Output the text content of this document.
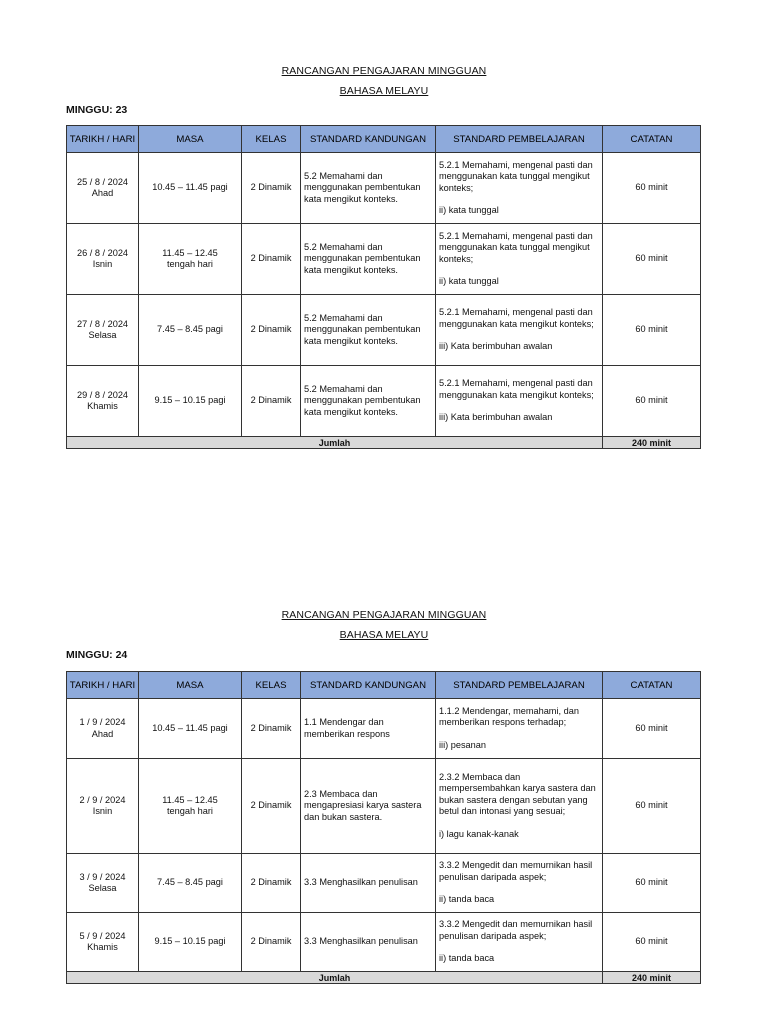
RANCANGAN PENGAJARAN MINGGUAN
BAHASA MELAYU
MINGGU: 23
TARIKH / HARI	MASA	KELAS	STANDARD KANDUNGAN	STANDARD PEMBELAJARAN	CATATAN
25 / 8 / 2024
Ahad	10.45 – 11.45 pagi	2 Dinamik	5.2 Memahami dan menggunakan pembentukan kata mengikut konteks.	5.2.1 Memahami, mengenal pasti dan menggunakan kata tunggal mengikut konteks;
ii) kata tunggal	60 minit
26 / 8 / 2024
Isnin	11.45 – 12.45
tengah hari	2 Dinamik	5.2 Memahami dan menggunakan pembentukan kata mengikut konteks.	5.2.1 Memahami, mengenal pasti dan menggunakan kata tunggal mengikut konteks;
ii) kata tunggal	60 minit
27 / 8 / 2024
Selasa	7.45 – 8.45 pagi	2 Dinamik	5.2 Memahami dan menggunakan pembentukan kata mengikut konteks.	5.2.1 Memahami, mengenal pasti dan menggunakan kata mengikut konteks;
iii) Kata berimbuhan awalan	60 minit
29 / 8 / 2024
Khamis	9.15 – 10.15 pagi	2 Dinamik	5.2 Memahami dan menggunakan pembentukan kata mengikut konteks.	5.2.1 Memahami, mengenal pasti dan menggunakan kata mengikut konteks;
iii) Kata berimbuhan awalan	60 minit
Jumlah					240 minit
RANCANGAN PENGAJARAN MINGGUAN
BAHASA MELAYU
MINGGU: 24
TARIKH / HARI	MASA	KELAS	STANDARD KANDUNGAN	STANDARD PEMBELAJARAN	CATATAN
1 / 9 / 2024
Ahad	10.45 – 11.45 pagi	2 Dinamik	1.1 Mendengar dan memberikan respons	1.1.2 Mendengar, memahami, dan memberikan respons terhadap;
iii) pesanan	60 minit
2 / 9 / 2024
Isnin	11.45 – 12.45
tengah hari	2 Dinamik	2.3 Membaca dan mengapresiasi karya sastera dan bukan sastera.	2.3.2 Membaca dan mempersembahkan karya sastera dan bukan sastera dengan sebutan yang betul dan intonasi yang sesuai;
i) lagu kanak-kanak	60 minit
3 / 9 / 2024
Selasa	7.45 – 8.45 pagi	2 Dinamik	3.3 Menghasilkan penulisan	3.3.2 Mengedit dan memurnikan hasil penulisan daripada aspek;
ii) tanda baca	60 minit
5 / 9 / 2024
Khamis	9.15 – 10.15 pagi	2 Dinamik	3.3 Menghasilkan penulisan	3.3.2 Mengedit dan memurnikan hasil penulisan daripada aspek;
ii) tanda baca	60 minit
Jumlah					240 minit
